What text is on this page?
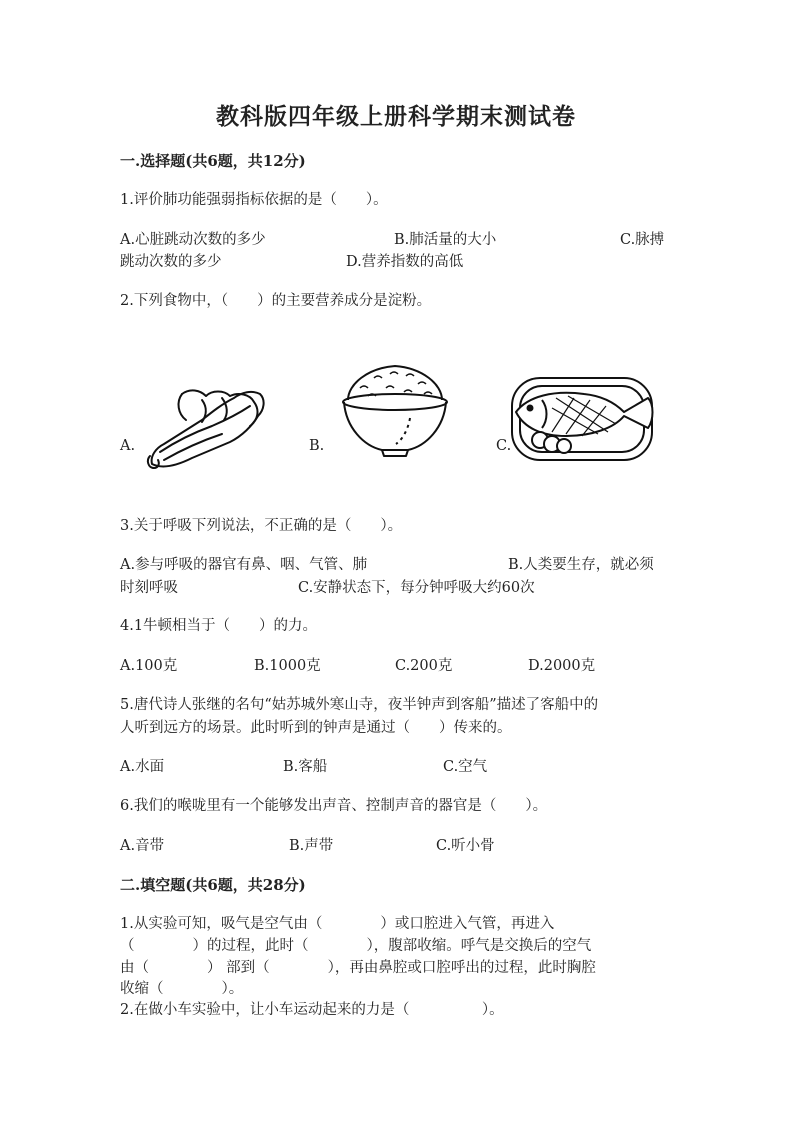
教科版四年级上册科学期末测试卷
一.选择题(共6题，共12分)
1.评价肺功能强弱指标依据的是（　　）。
A.心脏跳动次数的多少	B.肺活量的大小	C.脉搏
跳动次数的多少	D.营养指数的高低
2.下列食物中，（　　）的主要营养成分是淀粉。
A.	B.	C.
3.关于呼吸下列说法，不正确的是（　　）。
A.参与呼吸的器官有鼻、咽、气管、肺	B.人类要生存，就必须
时刻呼吸	C.安静状态下，每分钟呼吸大约60次
4.1牛顿相当于（　　）的力。
A.100克	B.1000克	C.200克	D.2000克
5.唐代诗人张继的名句“姑苏城外寒山寺，夜半钟声到客船”描述了客船中的
人听到远方的场景。此时听到的钟声是通过（　　）传来的。
A.水面	B.客船	C.空气
6.我们的喉咙里有一个能够发出声音、控制声音的器官是（　　）。
A.音带	B.声带	C.听小骨
二.填空题(共6题，共28分)
1.从实验可知，吸气是空气由（　　　　）或口腔进入气管，再进入
（　　　　）的过程，此时（　　　　），腹部收缩。呼气是交换后的空气
由（　　　　） 部到（　　　　），再由鼻腔或口腔呼出的过程，此时胸腔
收缩（　　　　）。
2.在做小车实验中，让小车运动起来的力是（　　　　　）。
